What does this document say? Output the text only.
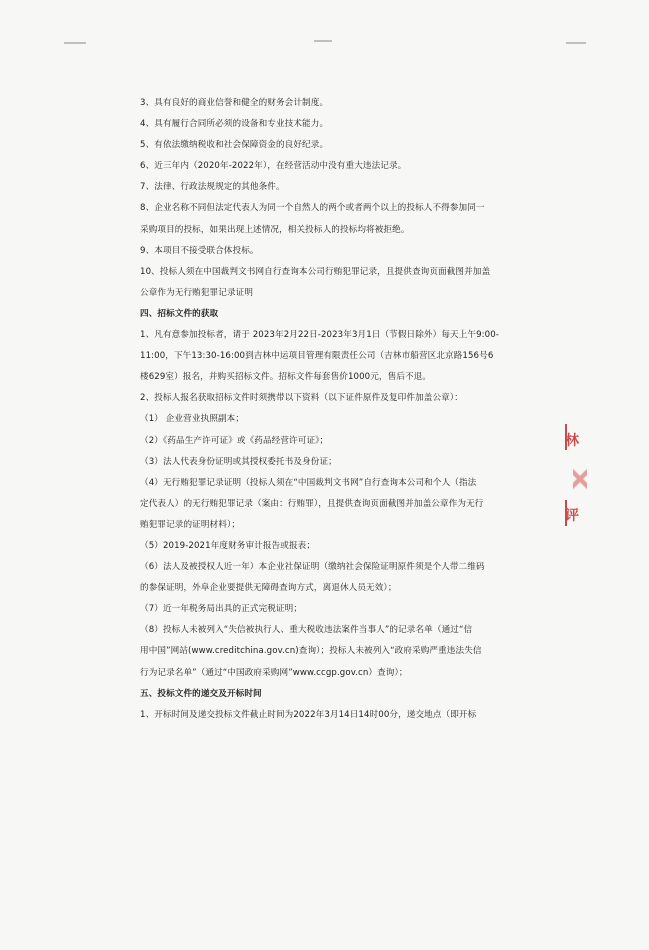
3、具有良好的商业信誉和健全的财务会计制度。
4、具有履行合同所必须的设备和专业技术能力。
5、有依法缴纳税收和社会保障资金的良好纪录。
6、近三年内（2020年-2022年），在经营活动中没有重大违法记录。
7、法律、行政法规规定的其他条件。
8、企业名称不同但法定代表人为同一个自然人的两个或者两个以上的投标人不得参加同一
采购项目的投标，如果出现上述情况，相关投标人的投标均将被拒绝。
9、本项目不接受联合体投标。
10、投标人须在中国裁判文书网自行查询本公司行贿犯罪记录，且提供查询页面截图并加盖
公章作为无行贿犯罪记录证明
四、招标文件的获取
1、凡有意参加投标者，请于 2023年2月22日-2023年3月1日（节假日除外）每天上午9:00-
11:00，下午13:30-16:00到吉林中运项目管理有限责任公司（吉林市船营区北京路156号6
楼629室）报名，并购买招标文件。招标文件每套售价1000元，售后不退。
2、投标人报名获取招标文件时须携带以下资料（以下证件原件及复印件加盖公章）：
（1） 企业营业执照副本；
（2）《药品生产许可证》或《药品经营许可证》；
（3）法人代表身份证明或其授权委托书及身份证；
（4）无行贿犯罪记录证明（投标人须在“中国裁判文书网”自行查询本公司和个人（指法
定代表人）的无行贿犯罪记录（案由：行贿罪），且提供查询页面截图并加盖公章作为无行
贿犯罪记录的证明材料）；
（5）2019-2021年度财务审计报告或报表；
（6）法人及被授权人近一年）本企业社保证明（缴纳社会保险证明原件须是个人带二维码
的参保证明，外阜企业要提供无障碍查询方式，离退休人员无效）；
（7）近一年税务局出具的正式完税证明；
（8）投标人未被列入“失信被执行人、重大税收违法案件当事人”的记录名单（通过“信
用中国”网站(www.creditchina.gov.cn)查询）；投标人未被列入“政府采购严重违法失信
行为记录名单”（通过“中国政府采购网”www.ccgp.gov.cn）查询）；
五、投标文件的递交及开标时间
1、开标时间及递交投标文件截止时间为2022年3月14日14时00分，递交地点（即开标
林
评
